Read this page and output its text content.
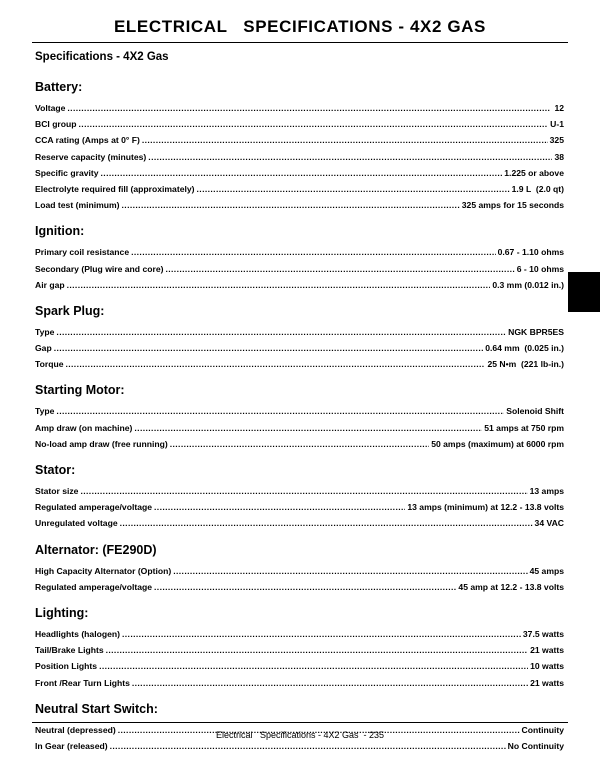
ELECTRICAL   SPECIFICATIONS - 4X2 GAS
Specifications - 4X2 Gas
Battery:
Voltage . . .	12
BCI group . . .	U-1
CCA rating (Amps at 0° F) . . .	325
Reserve capacity (minutes) . . .	38
Specific gravity . . .	1.225 or above
Electrolyte required fill (approximately) . . .	1.9 L  (2.0 qt)
Load test (minimum) . . .	325 amps for 15 seconds
Ignition:
Primary coil resistance . . .	0.67 - 1.10 ohms
Secondary (Plug wire and core) . . .	6 - 10 ohms
Air gap . . .	0.3 mm (0.012 in.)
Spark Plug:
Type . . .	NGK BPR5ES
Gap . . .	0.64 mm  (0.025 in.)
Torque . . .	25 N•m  (221 lb-in.)
Starting Motor:
Type . . .	Solenoid Shift
Amp draw (on machine) . . .	51 amps at 750 rpm
No-load amp draw (free running) . . .	50 amps (maximum) at 6000 rpm
Stator:
Stator size . . .	13 amps
Regulated amperage/voltage . . .	13 amps (minimum) at 12.2 - 13.8 volts
Unregulated voltage . . .	34 VAC
Alternator: (FE290D)
High Capacity Alternator (Option) . . .	45 amps
Regulated amperage/voltage . . .	45 amp at 12.2 - 13.8 volts
Lighting:
Headlights (halogen) . . .	37.5 watts
Tail/Brake Lights . . .	21 watts
Position Lights . . .	10 watts
Front /Rear Turn Lights . . .	21 watts
Neutral Start Switch:
Neutral (depressed) . . .	Continuity
In Gear (released) . . .	No Continuity
Electrical   Specifications - 4X2 Gas  - 235
